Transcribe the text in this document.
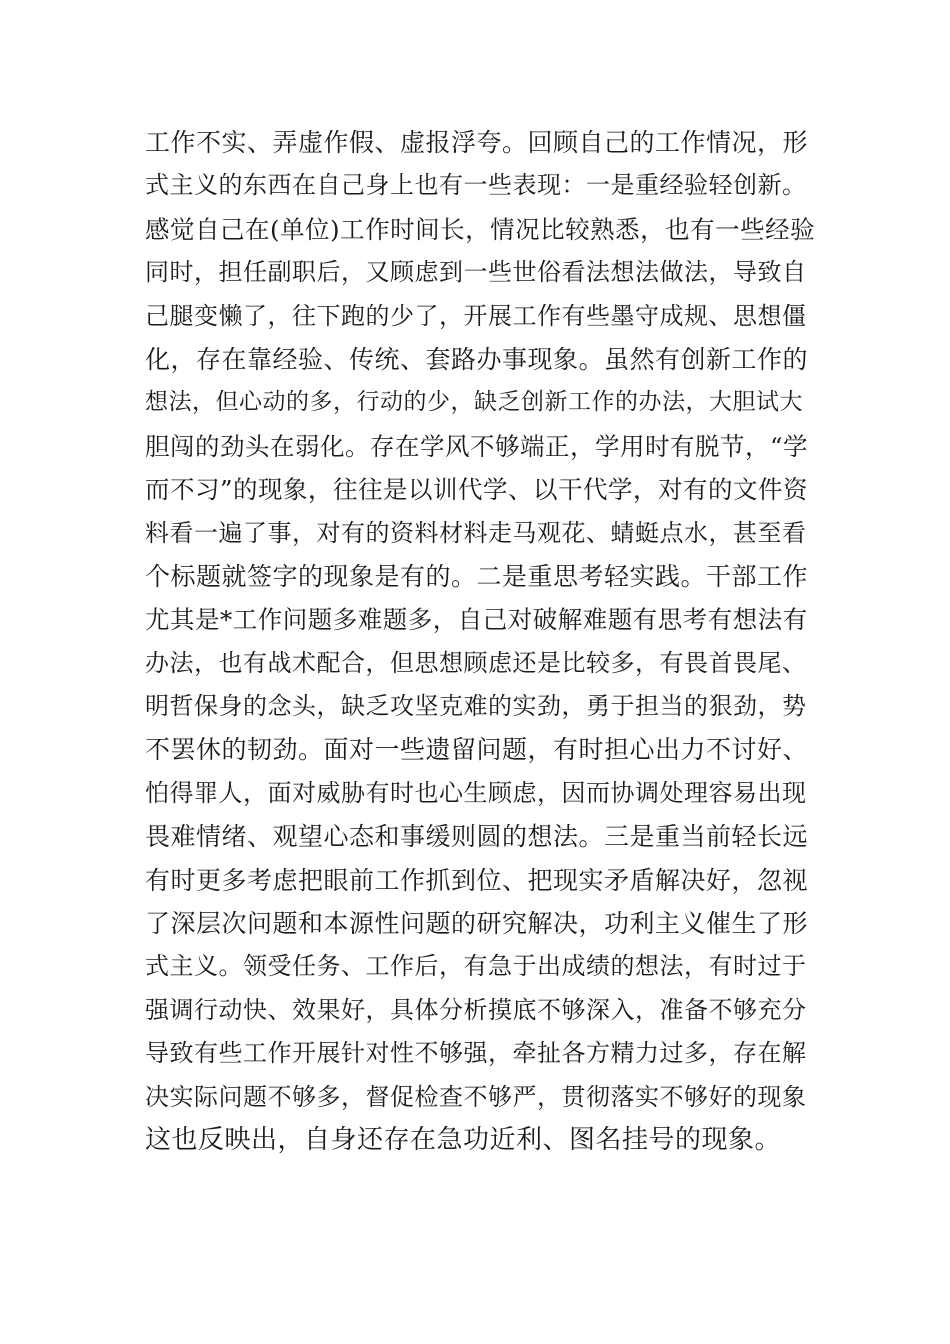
工作不实、弄虚作假、虚报浮夸。回顾自己的工作情况，形
式主义的东西在自己身上也有一些表现：一是重经验轻创新。
感觉自己在(单位)工作时间长，情况比较熟悉，也有一些经验
同时，担任副职后，又顾虑到一些世俗看法想法做法，导致自
己腿变懒了，往下跑的少了，开展工作有些墨守成规、思想僵
化，存在靠经验、传统、套路办事现象。虽然有创新工作的
想法，但心动的多，行动的少，缺乏创新工作的办法，大胆试大
胆闯的劲头在弱化。存在学风不够端正，学用时有脱节，“学
而不习”的现象，往往是以训代学、以干代学，对有的文件资
料看一遍了事，对有的资料材料走马观花、蜻蜓点水，甚至看
个标题就签字的现象是有的。二是重思考轻实践。干部工作
尤其是*工作问题多难题多，自己对破解难题有思考有想法有
办法，也有战术配合，但思想顾虑还是比较多，有畏首畏尾、
明哲保身的念头，缺乏攻坚克难的实劲，勇于担当的狠劲，势
不罢休的韧劲。面对一些遗留问题，有时担心出力不讨好、
怕得罪人，面对威胁有时也心生顾虑，因而协调处理容易出现
畏难情绪、观望心态和事缓则圆的想法。三是重当前轻长远
有时更多考虑把眼前工作抓到位、把现实矛盾解决好，忽视
了深层次问题和本源性问题的研究解决，功利主义催生了形
式主义。领受任务、工作后，有急于出成绩的想法，有时过于
强调行动快、效果好，具体分析摸底不够深入，准备不够充分
导致有些工作开展针对性不够强，牵扯各方精力过多，存在解
决实际问题不够多，督促检查不够严，贯彻落实不够好的现象
这也反映出，自身还存在急功近利、图名挂号的现象。
